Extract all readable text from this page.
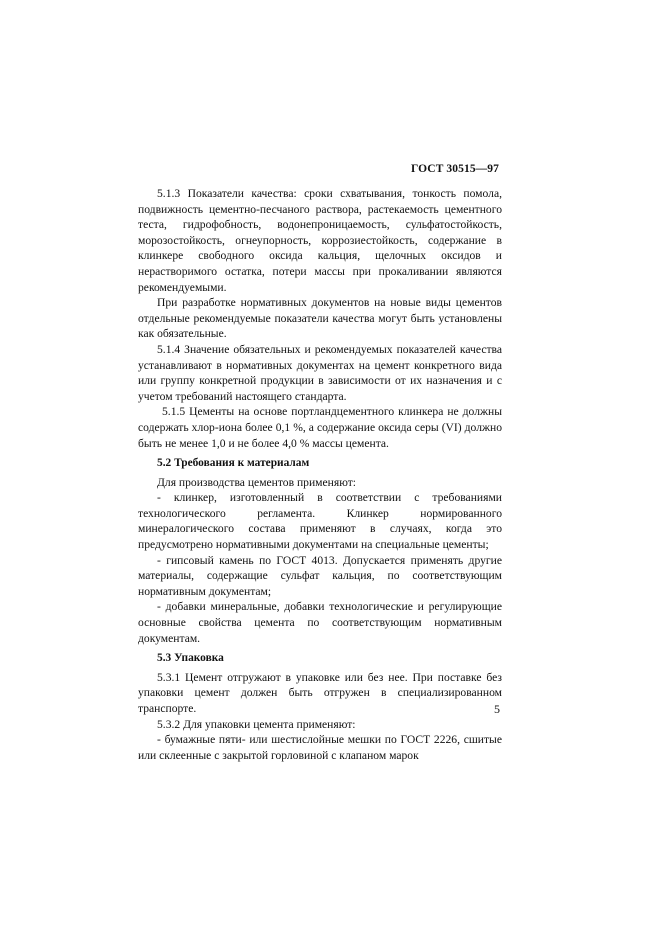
ГОСТ 30515—97

5.1.3 Показатели качества: сроки схватывания, тонкость помола, подвижность цементно-песчаного раствора, растекаемость цементного теста, гидрофобность, водонепроницаемость, сульфатостойкость, морозостойкость, огнеупорность, коррозиестойкость, содержание в клинкере свободного оксида кальция, щелочных оксидов и нерастворимого остатка, потери массы при прокаливании являются рекомендуемыми.

При разработке нормативных документов на новые виды цементов отдельные рекомендуемые показатели качества могут быть установлены как обязательные.

5.1.4 Значение обязательных и рекомендуемых показателей качества устанавливают в нормативных документах на цемент конкретного вида или группу конкретной продукции в зависимости от их назначения и с учетом требований настоящего стандарта.

5.1.5 Цементы на основе портландцементного клинкера не должны содержать хлор-иона более 0,1 %, а содержание оксида серы (VI) должно быть не менее 1,0 и не более 4,0 % массы цемента.

5.2 Требования к материалам

Для производства цементов применяют:

- клинкер, изготовленный в соответствии с требованиями технологического регламента. Клинкер нормированного минералогического состава применяют в случаях, когда это предусмотрено нормативными документами на специальные цементы;

- гипсовый камень по ГОСТ 4013. Допускается применять другие материалы, содержащие сульфат кальция, по соответствующим нормативным документам;

- добавки минеральные, добавки технологические и регулирующие основные свойства цемента по соответствующим нормативным документам.

5.3 Упаковка

5.3.1 Цемент отгружают в упаковке или без нее. При поставке без упаковки цемент должен быть отгружен в специализированном транспорте.

5.3.2 Для упаковки цемента применяют:

- бумажные пяти- или шестислойные мешки по ГОСТ 2226, сшитые или склеенные с закрытой горловиной с клапаном марок

5
